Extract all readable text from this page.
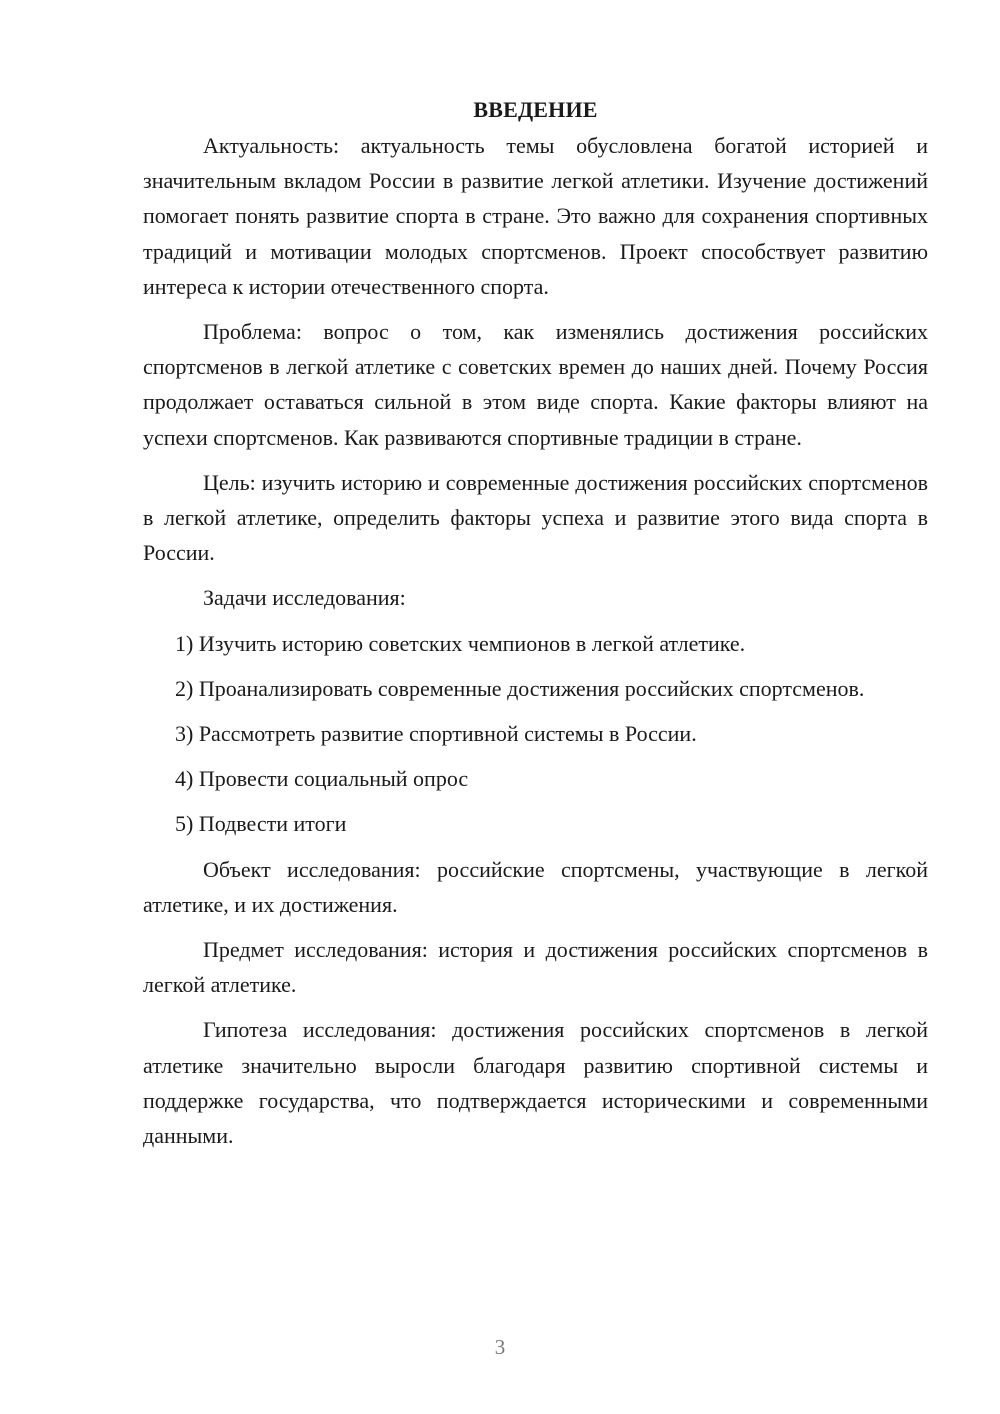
ВВЕДЕНИЕ

Актуальность: актуальность темы обусловлена богатой историей и значительным вкладом России в развитие легкой атлетики. Изучение достижений помогает понять развитие спорта в стране. Это важно для сохранения спортивных традиций и мотивации молодых спортсменов. Проект способствует развитию интереса к истории отечественного спорта.

Проблема: вопрос о том, как изменялись достижения российских спортсменов в легкой атлетике с советских времен до наших дней. Почему Россия продолжает оставаться сильной в этом виде спорта. Какие факторы влияют на успехи спортсменов. Как развиваются спортивные традиции в стране.

Цель: изучить историю и современные достижения российских спортсменов в легкой атлетике, определить факторы успеха и развитие этого вида спорта в России.

Задачи исследования:

1) Изучить историю советских чемпионов в легкой атлетике.

2) Проанализировать современные достижения российских спортсменов.

3) Рассмотреть развитие спортивной системы в России.

4) Провести социальный опрос

5) Подвести итоги

Объект исследования: российские спортсмены, участвующие в легкой атлетике, и их достижения.

Предмет исследования: история и достижения российских спортсменов в легкой атлетике.

Гипотеза исследования: достижения российских спортсменов в легкой атлетике значительно выросли благодаря развитию спортивной системы и поддержке государства, что подтверждается историческими и современными данными.

3
